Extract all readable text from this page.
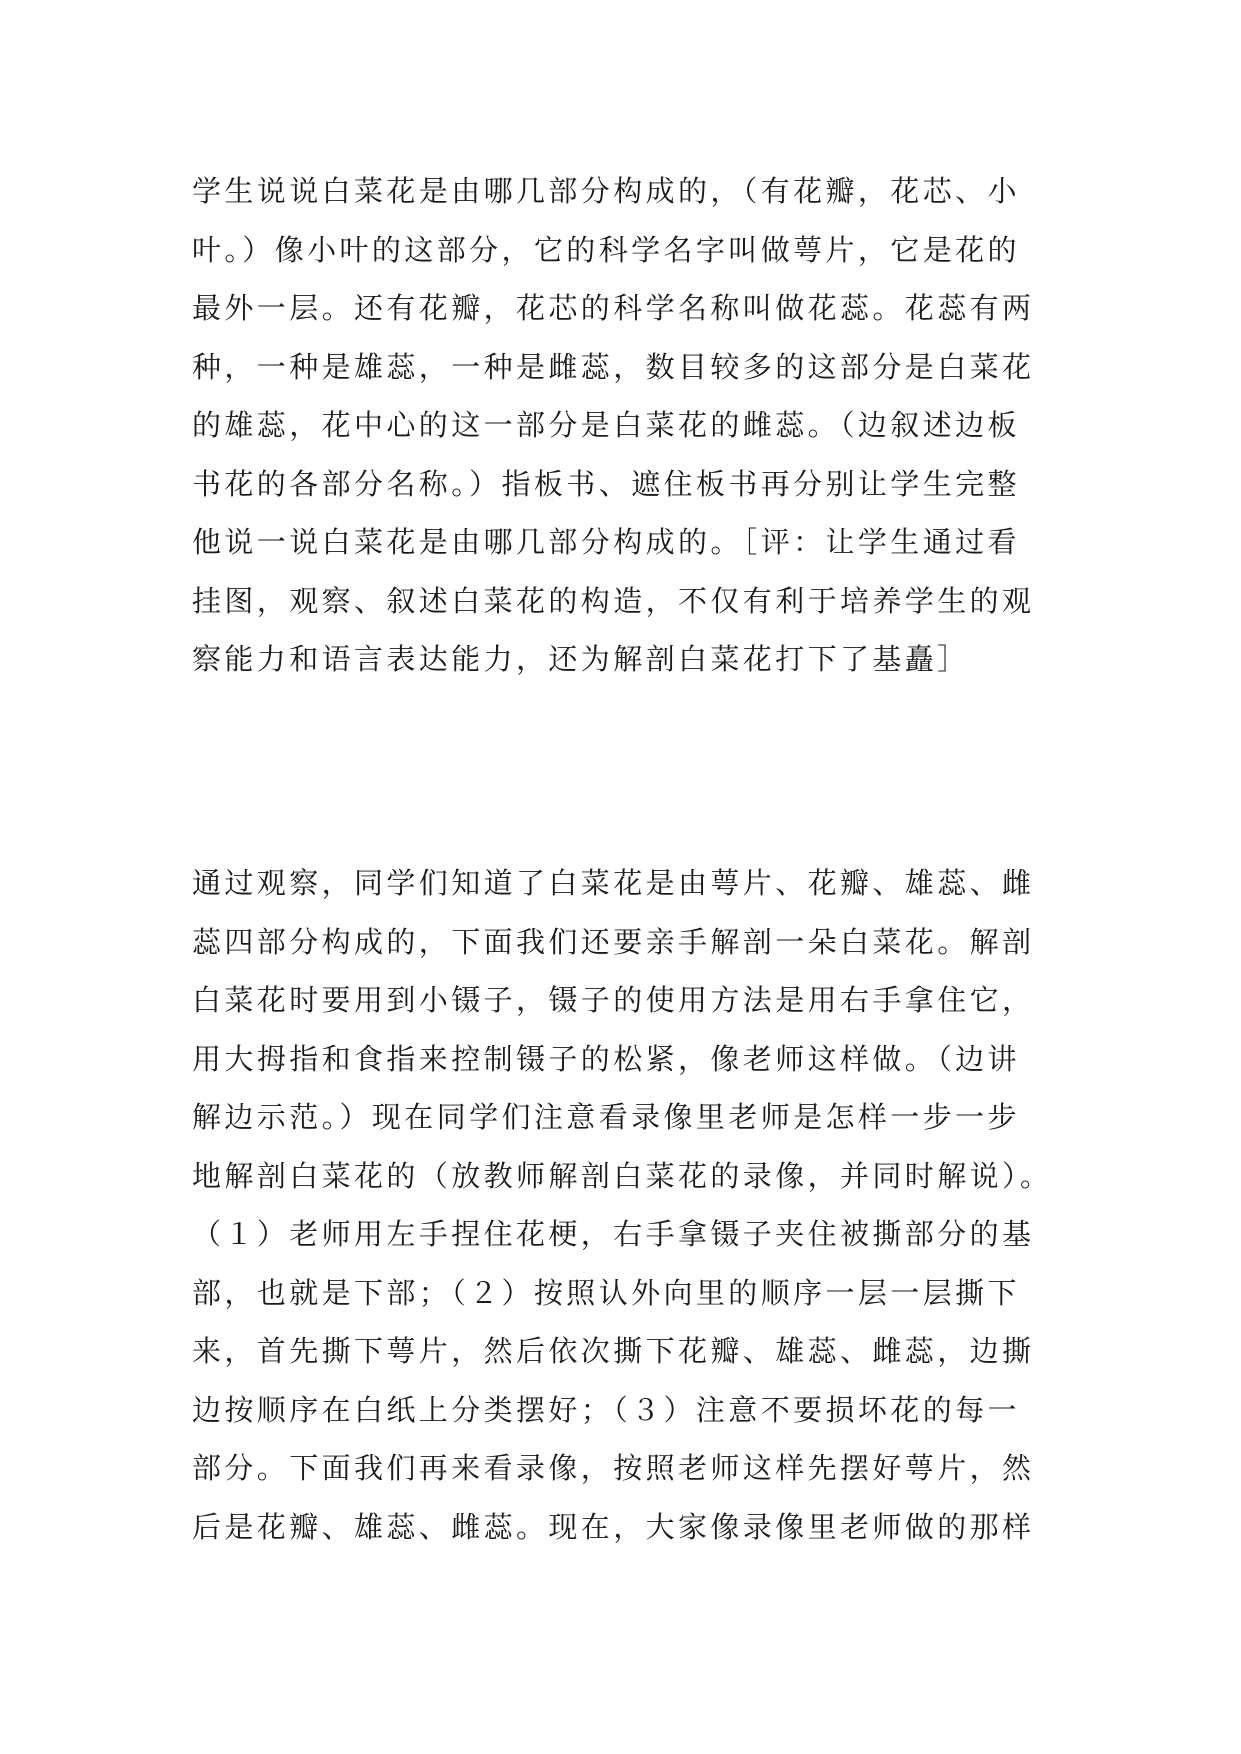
学生说说白菜花是由哪几部分构成的，（有花瓣，花芯、小
叶。）像小叶的这部分，它的科学名字叫做萼片，它是花的
最外一层。还有花瓣，花芯的科学名称叫做花蕊。花蕊有两
种，一种是雄蕊，一种是雌蕊，数目较多的这部分是白菜花
的雄蕊，花中心的这一部分是白菜花的雌蕊。（边叙述边板
书花的各部分名称。）指板书、遮住板书再分别让学生完整
他说一说白菜花是由哪几部分构成的。［评：让学生通过看
挂图，观察、叙述白菜花的构造，不仅有利于培养学生的观
察能力和语言表达能力，还为解剖白菜花打下了基矗］
通过观察，同学们知道了白菜花是由萼片、花瓣、雄蕊、雌
蕊四部分构成的，下面我们还要亲手解剖一朵白菜花。解剖
白菜花时要用到小镊子，镊子的使用方法是用右手拿住它，
用大拇指和食指来控制镊子的松紧，像老师这样做。（边讲
解边示范。）现在同学们注意看录像里老师是怎样一步一步
地解剖白菜花的（放教师解剖白菜花的录像，并同时解说）。
（１）老师用左手捏住花梗，右手拿镊子夹住被撕部分的基
部，也就是下部；（２）按照认外向里的顺序一层一层撕下
来，首先撕下萼片，然后依次撕下花瓣、雄蕊、雌蕊，边撕
边按顺序在白纸上分类摆好；（３）注意不要损坏花的每一
部分。下面我们再来看录像，按照老师这样先摆好萼片，然
后是花瓣、雄蕊、雌蕊。现在，大家像录像里老师做的那样
